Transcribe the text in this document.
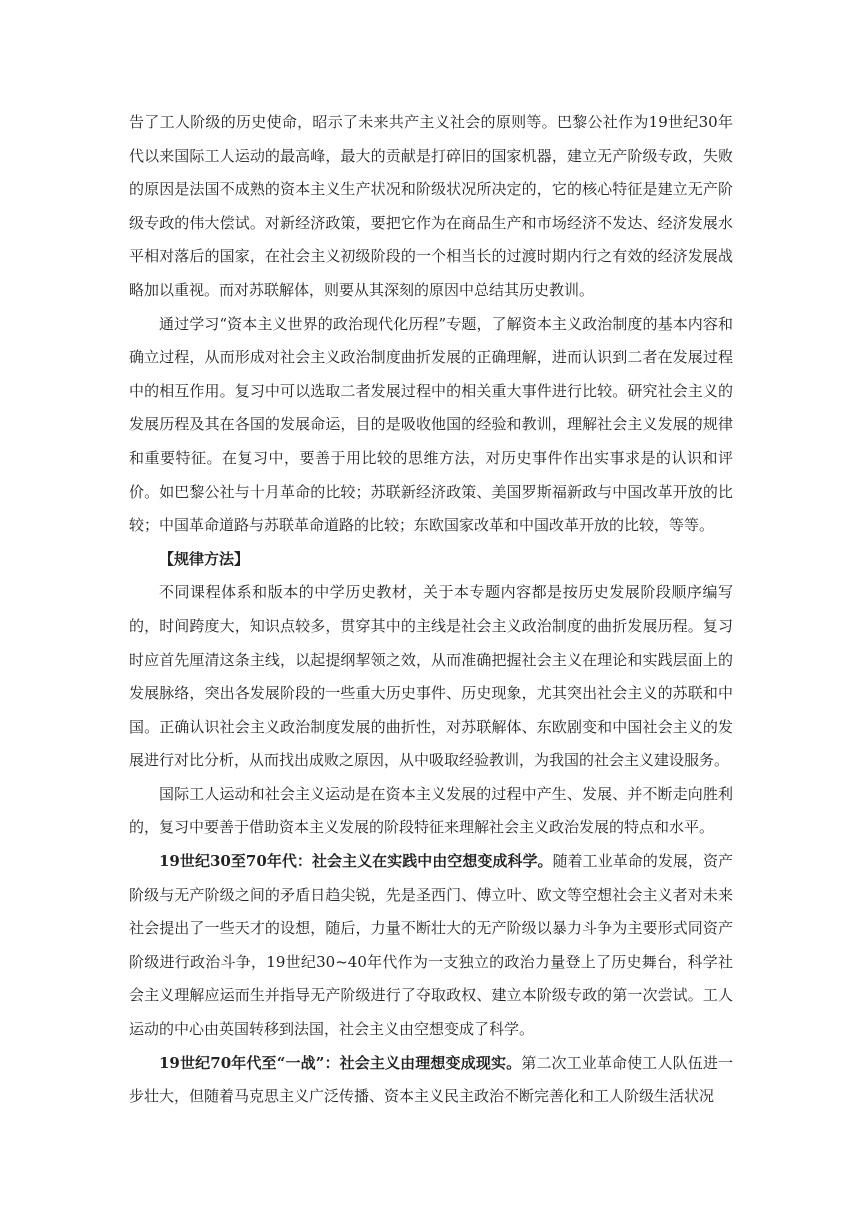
告了工人阶级的历史使命，昭示了未来共产主义社会的原则等。巴黎公社作为19世纪30年代以来国际工人运动的最高峰，最大的贡献是打碎旧的国家机器，建立无产阶级专政，失败的原因是法国不成熟的资本主义生产状况和阶级状况所决定的，它的核心特征是建立无产阶级专政的伟大偿试。对新经济政策，要把它作为在商品生产和市场经济不发达、经济发展水平相对落后的国家，在社会主义初级阶段的一个相当长的过渡时期内行之有效的经济发展战略加以重视。而对苏联解体，则要从其深刻的原因中总结其历史教训。

通过学习“资本主义世界的政治现代化历程”专题，了解资本主义政治制度的基本内容和确立过程，从而形成对社会主义政治制度曲折发展的正确理解，进而认识到二者在发展过程中的相互作用。复习中可以选取二者发展过程中的相关重大事件进行比较。研究社会主义的发展历程及其在各国的发展命运，目的是吸收他国的经验和教训，理解社会主义发展的规律和重要特征。在复习中，要善于用比较的思维方法，对历史事件作出实事求是的认识和评价。如巴黎公社与十月革命的比较；苏联新经济政策、美国罗斯福新政与中国改革开放的比较；中国革命道路与苏联革命道路的比较；东欧国家改革和中国改革开放的比较，等等。

【规律方法】

不同课程体系和版本的中学历史教材，关于本专题内容都是按历史发展阶段顺序编写的，时间跨度大，知识点较多，贯穿其中的主线是社会主义政治制度的曲折发展历程。复习时应首先厘清这条主线，以起提纲挈领之效，从而准确把握社会主义在理论和实践层面上的发展脉络，突出各发展阶段的一些重大历史事件、历史现象，尤其突出社会主义的苏联和中国。正确认识社会主义政治制度发展的曲折性，对苏联解体、东欧剧变和中国社会主义的发展进行对比分析，从而找出成败之原因，从中吸取经验教训，为我国的社会主义建设服务。

国际工人运动和社会主义运动是在资本主义发展的过程中产生、发展、并不断走向胜利的，复习中要善于借助资本主义发展的阶段特征来理解社会主义政治发展的特点和水平。

19世纪30至70年代：社会主义在实践中由空想变成科学。随着工业革命的发展，资产阶级与无产阶级之间的矛盾日趋尖锐，先是圣西门、傅立叶、欧文等空想社会主义者对未来社会提出了一些天才的设想，随后，力量不断壮大的无产阶级以暴力斗争为主要形式同资产阶级进行政治斗争，19世纪30~40年代作为一支独立的政治力量登上了历史舞台，科学社会主义理解应运而生并指导无产阶级进行了夺取政权、建立本阶级专政的第一次尝试。工人运动的中心由英国转移到法国，社会主义由空想变成了科学。

19世纪70年代至“一战”：社会主义由理想变成现实。第二次工业革命使工人队伍进一步壮大，但随着马克思主义广泛传播、资本主义民主政治不断完善化和工人阶级生活状况
